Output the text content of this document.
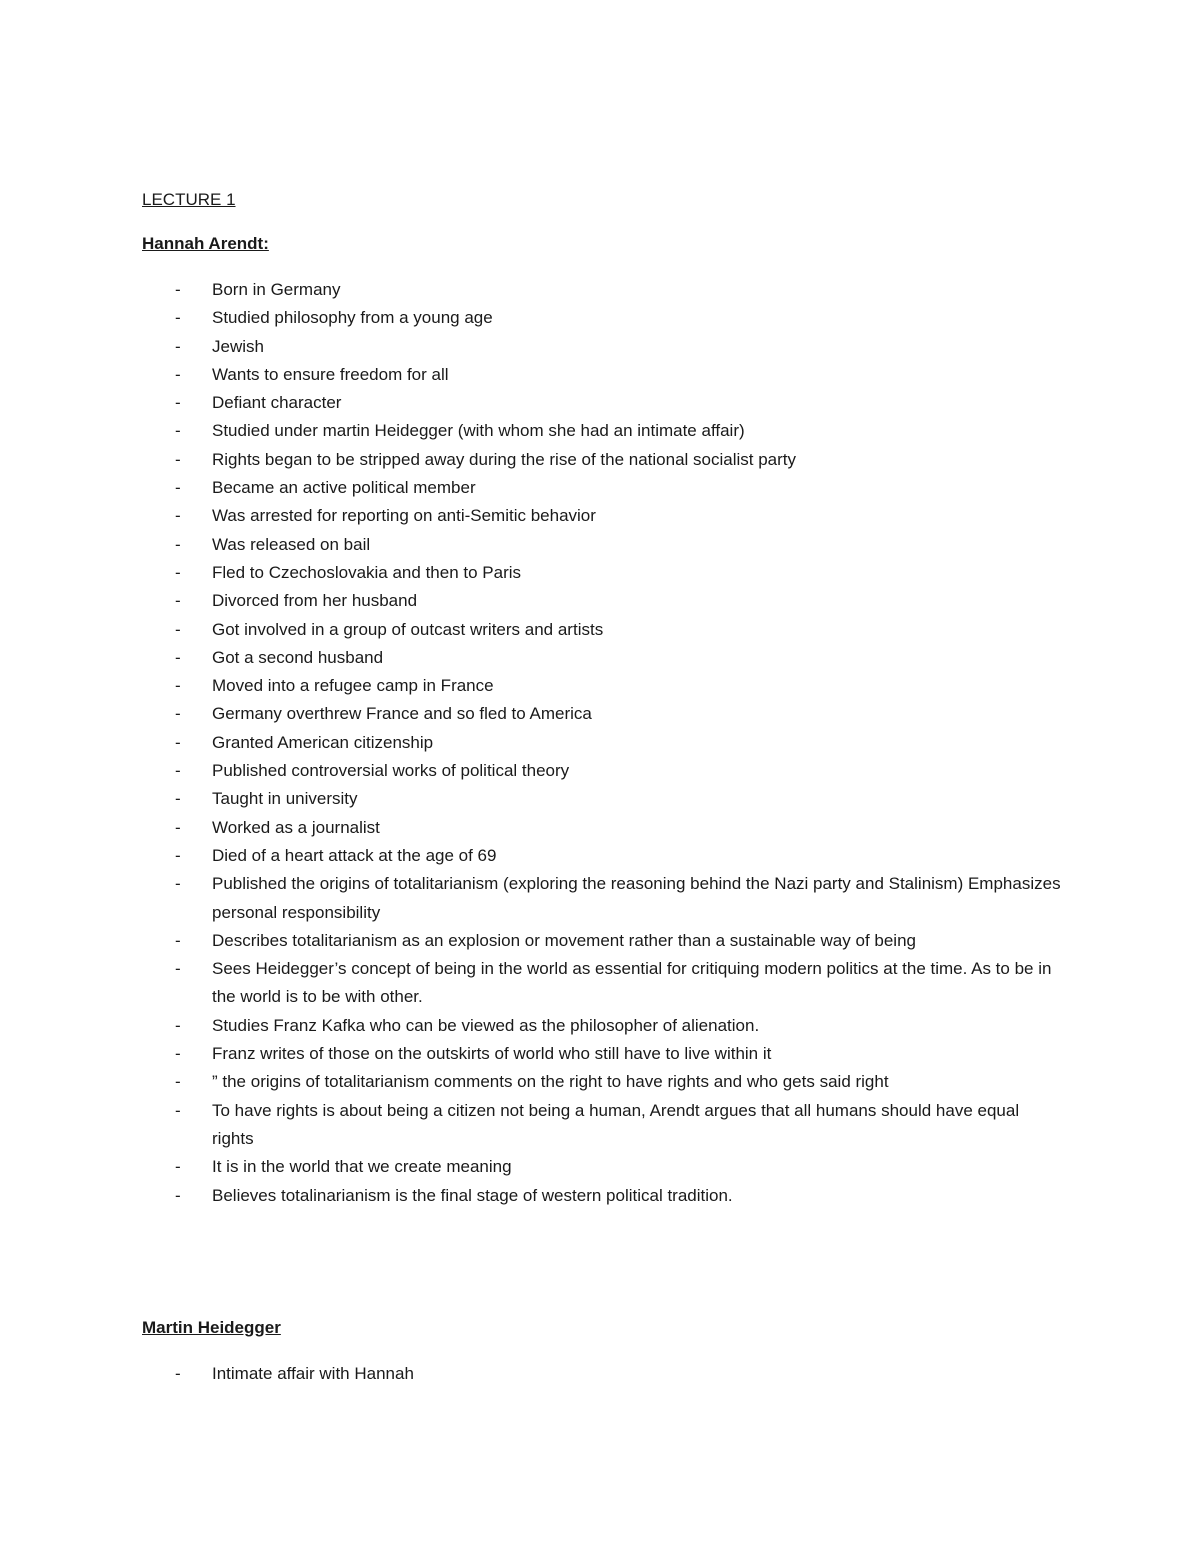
LECTURE 1
Hannah Arendt:
- Born in Germany
- Studied philosophy from a young age
- Jewish
- Wants to ensure freedom for all
- Defiant character
- Studied under martin Heidegger (with whom she had an intimate affair)
- Rights began to be stripped away during the rise of the national socialist party
- Became an active political member
- Was arrested for reporting on anti-Semitic behavior
- Was released on bail
- Fled to Czechoslovakia and then to Paris
- Divorced from her husband
- Got involved in a group of outcast writers and artists
- Got a second husband
- Moved into a refugee camp in France
- Germany overthrew France and so fled to America
- Granted American citizenship
- Published controversial works of political theory
- Taught in university
- Worked as a journalist
- Died of a heart attack at the age of 69
- Published the origins of totalitarianism (exploring the reasoning behind the Nazi party and Stalinism) Emphasizes personal responsibility
- Describes totalitarianism as an explosion or movement rather than a sustainable way of being
- Sees Heidegger’s concept of being in the world as essential for critiquing modern politics at the time. As to be in the world is to be with other.
- Studies Franz Kafka who can be viewed as the philosopher of alienation.
- Franz writes of those on the outskirts of world who still have to live within it
- ” the origins of totalitarianism comments on the right to have rights and who gets said right
- To have rights is about being a citizen not being a human, Arendt argues that all humans should have equal rights
- It is in the world that we create meaning
- Believes totalinarianism is the final stage of western political tradition.
Martin Heidegger
- Intimate affair with Hannah
